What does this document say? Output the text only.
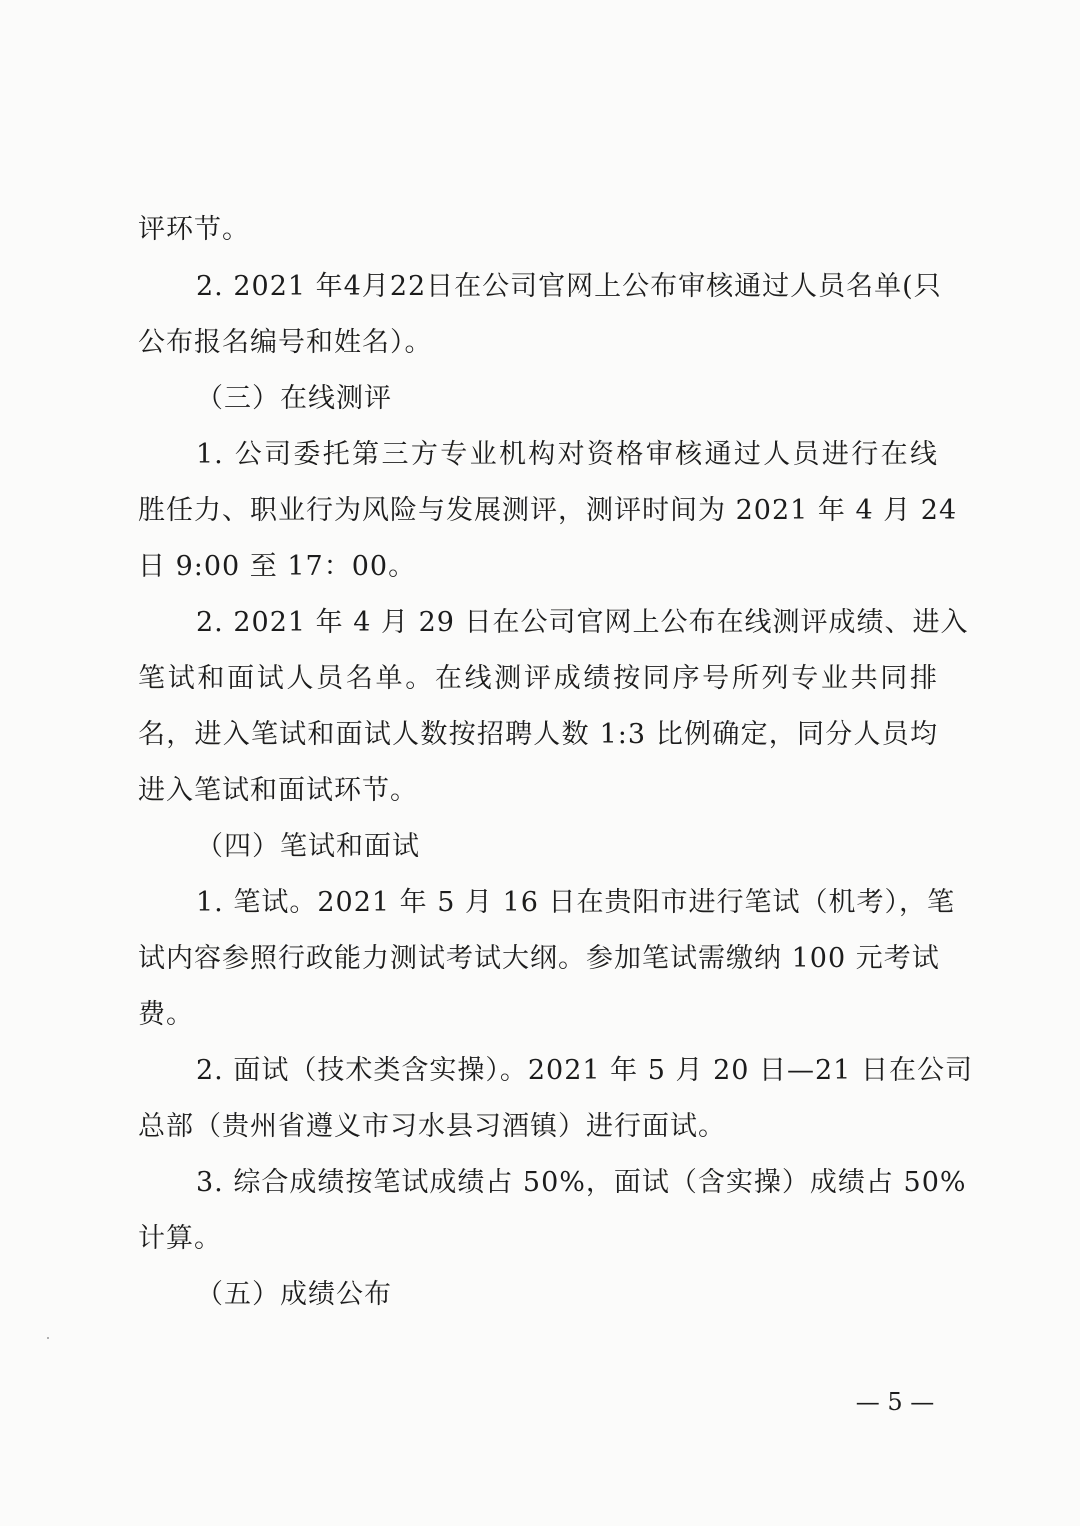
评环节。
2. 2021 年4月22日在公司官网上公布审核通过人员名单(只
公布报名编号和姓名）。
（三）在线测评
1. 公司委托第三方专业机构对资格审核通过人员进行在线
胜任力、职业行为风险与发展测评，测评时间为 2021 年 4 月 24
日 9:00 至 17：00。
2. 2021 年 4 月 29 日在公司官网上公布在线测评成绩、进入
笔试和面试人员名单。在线测评成绩按同序号所列专业共同排
名，进入笔试和面试人数按招聘人数 1:3 比例确定，同分人员均
进入笔试和面试环节。
（四）笔试和面试
1. 笔试。2021 年 5 月 16 日在贵阳市进行笔试（机考），笔
试内容参照行政能力测试考试大纲。参加笔试需缴纳 100 元考试
费。
2. 面试（技术类含实操）。2021 年 5 月 20 日—21 日在公司
总部（贵州省遵义市习水县习酒镇）进行面试。
3. 综合成绩按笔试成绩占 50%，面试（含实操）成绩占 50%
计算。
（五）成绩公布
— 5 —
